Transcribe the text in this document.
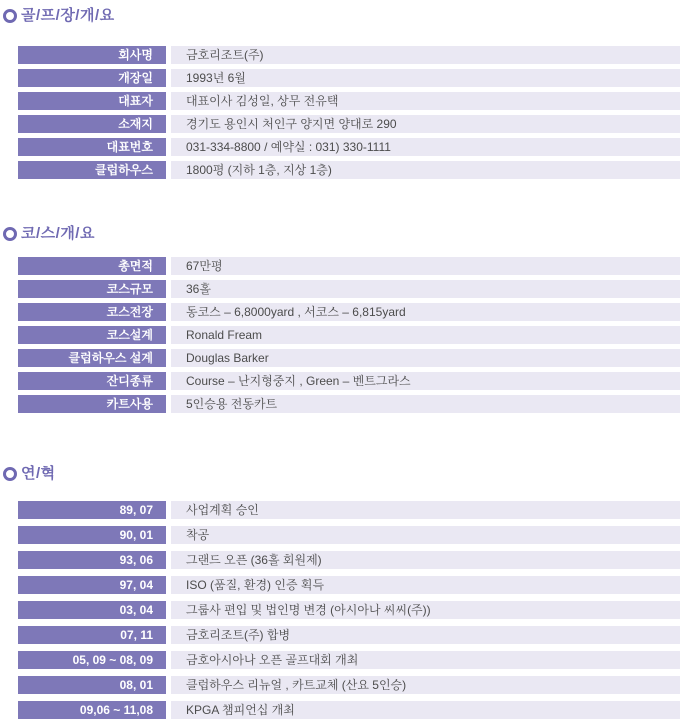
골/프/장/개/요
회사명	금호리조트(주)
개장일	1993년 6월
대표자	대표이사 김성일, 상무 전유택
소재지	경기도 용인시 처인구 양지면 양대로 290
대표번호	031-334-8800 / 예약실 : 031) 330-1111
클럽하우스	1800평 (지하 1층, 지상 1층)
코/스/개/요
총면적	67만평
코스규모	36홀
코스전장	동코스 – 6,8000yard , 서코스 – 6,815yard
코스설계	Ronald Fream
클럽하우스 설계	Douglas Barker
잔디종류	Course – 난지형중지 , Green – 벤트그라스
카트사용	5인승용 전동카트
연/혁
89, 07	사업계획 승인
90, 01	착공
93, 06	그랜드 오픈 (36홀 회원제)
97, 04	ISO (품질, 환경) 인증 획득
03, 04	그룹사 편입 및 법인명 변경 (아시아나 씨씨(주))
07, 11	금호리조트(주) 합병
05, 09 ~ 08, 09	금호아시아나 오픈 골프대회 개최
08, 01	클럽하우스 리뉴얼 , 카트교체 (산요 5인승)
09,06 ~ 11,08	KPGA 챔피언십 개최
